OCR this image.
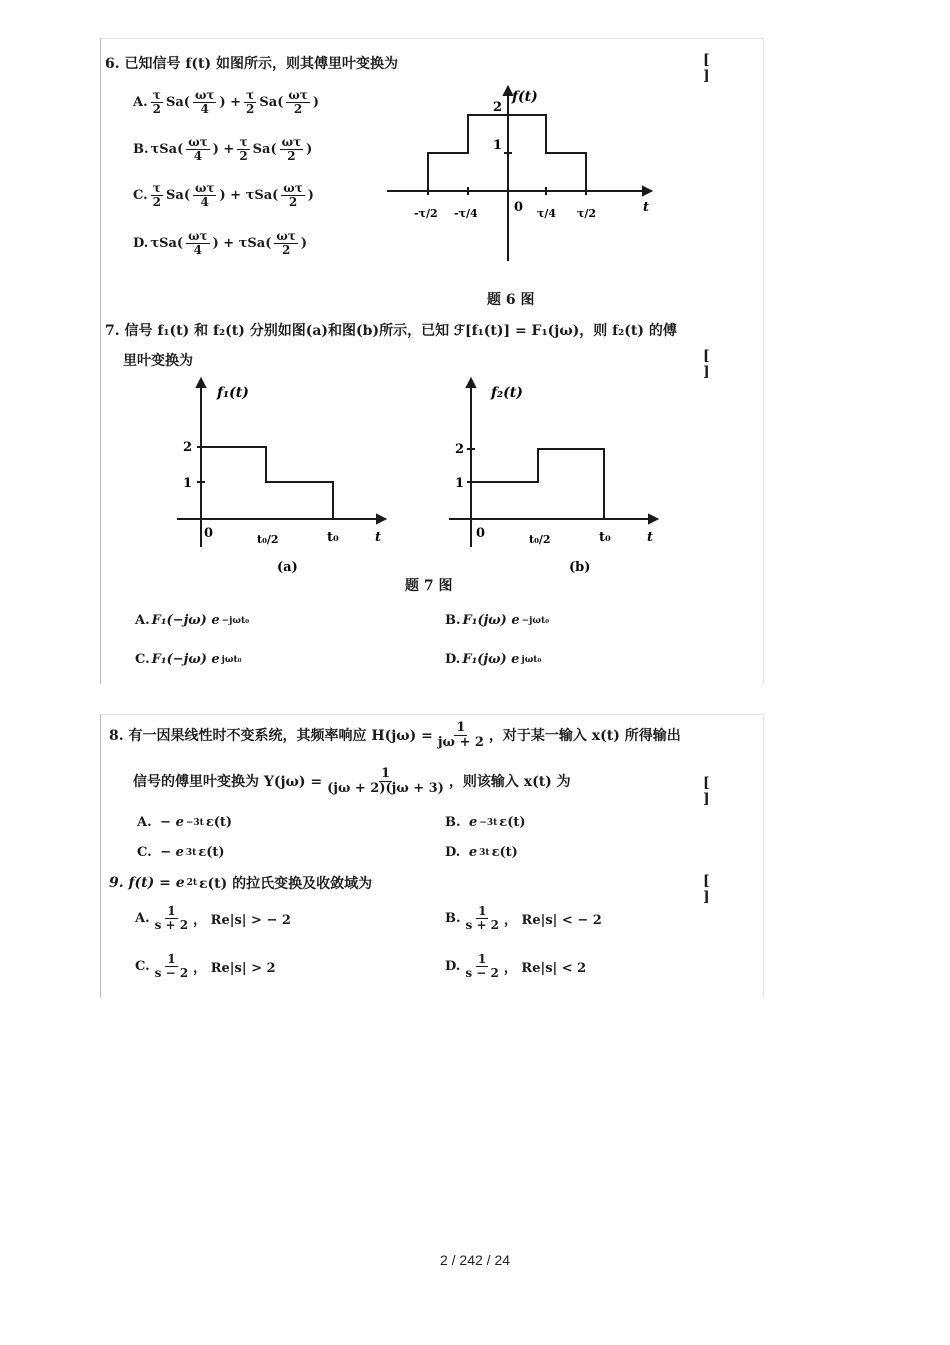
6. 已知信号 f(t) 如图所示，则其傅里叶变换为	[ ]
A. $\frac{\tau}{2} Sa( \frac{\omega\tau}{4}$ ) + $\frac{\tau}{2} Sa( \frac{\omega\tau}{2}$ )
B. $\tau Sa( \frac{\omega\tau}{4}$ ) + $\frac{\tau}{2} Sa( \frac{\omega\tau}{2}$ )
C. $\frac{\tau}{2} Sa( \frac{\omega\tau}{4}$ ) + $\tau Sa( \frac{\omega\tau}{2}$ )
D. $\tau Sa( \frac{\omega\tau}{4}$ ) + $\tau Sa( \frac{\omega\tau}{2}$ )
f(t)
2
1
t
-τ/2 -τ/4	0 τ/4 τ/2
题 6 图
7. 信号 f₁(t) 和 f₂(t) 分别如图(a)和图(b)所示，已知 ℱ[f₁(t)] = F₁(jω)，则 f₂(t) 的傅
里叶变换为	[ ]
f₁(t)
2
1
t
0	t₀/2	t₀
(a)
f₂(t)
2
1
t
0	t₀/2	t₀
(b)
题 7 图
A. F₁(−jω) e −jωt₀	B. F₁(jω) e −jωt₀
C. F₁(−jω) e jωt₀	D. F₁(jω) e jωt₀
8. 有一因果线性时不变系统，其频率响应 $H(j\omega) = \frac{1}{j\omega + 2}$ ，对于某一输入 x(t) 所得输出
信号的傅里叶变换为 $Y(j\omega) = \frac{1}{(j\omega + 2)(j\omega + 3)}$ ，则该输入 x(t) 为	[ ]
A.
− e −3t ε(t)	B.
e −3t ε(t)
C.
− e 3t ε(t)	D.
e 3t ε(t)
9. f(t) = e 2t ε(t) 的拉氏变换及收敛域为	[ ]
A. $\frac{1}{s + 2}$ ， Re|s| > − 2	B. $\frac{1}{s + 2}$ ， Re|s| < − 2
C. $\frac{1}{s - 2}$ ， Re|s| > 2	D. $\frac{1}{s - 2}$ ， Re|s| < 2
2 / 242 / 24
